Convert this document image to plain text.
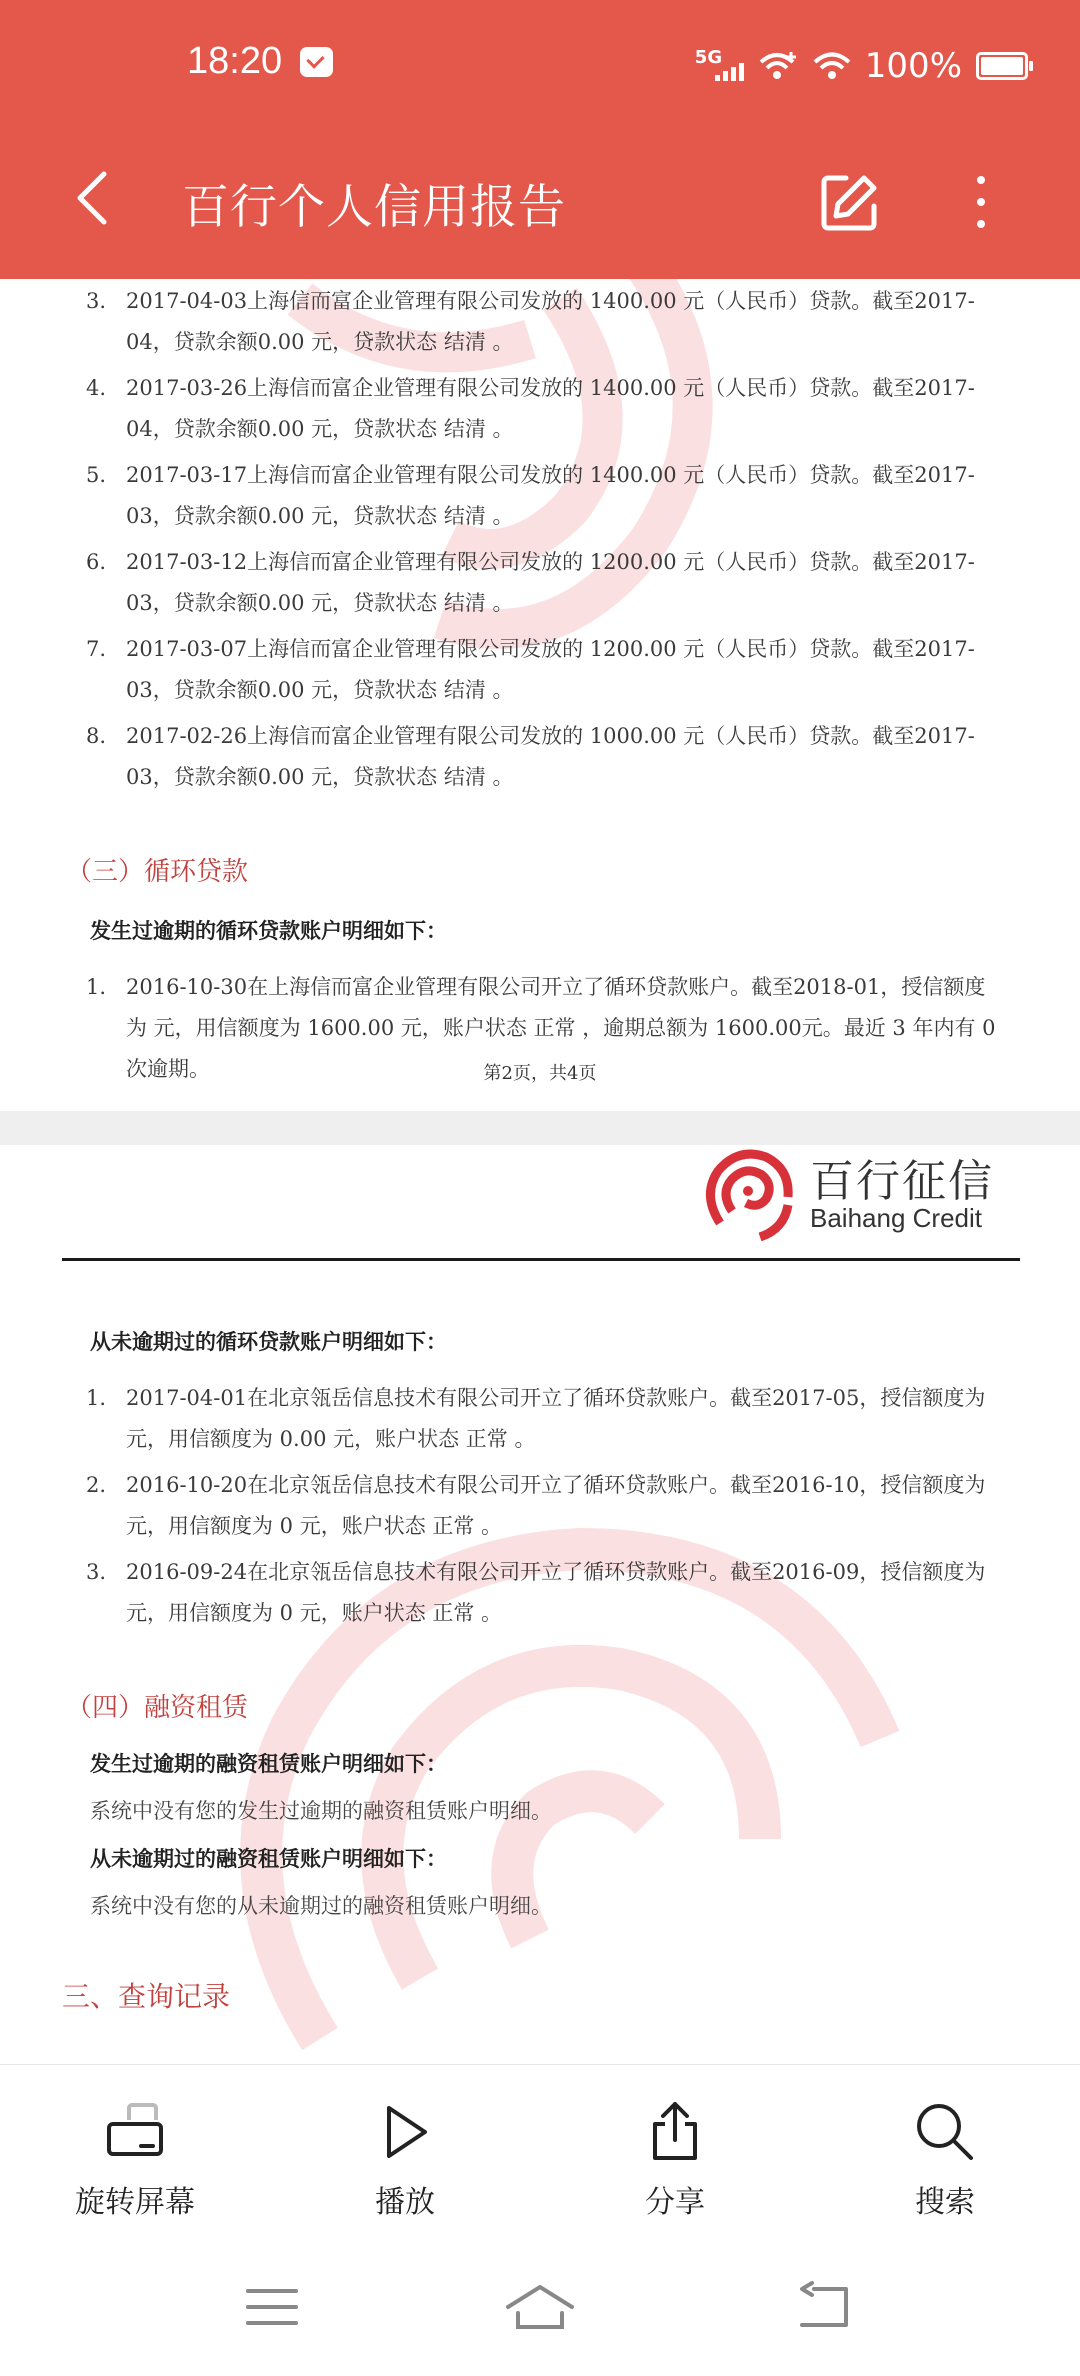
18:20	5G	100%
百行个人信用报告
3. 2017-04-03上海信而富企业管理有限公司发放的 1400.00 元（人民币）贷款。截至2017-04，贷款余额0.00 元，贷款状态 结清 。
4. 2017-03-26上海信而富企业管理有限公司发放的 1400.00 元（人民币）贷款。截至2017-04，贷款余额0.00 元，贷款状态 结清 。
5. 2017-03-17上海信而富企业管理有限公司发放的 1400.00 元（人民币）贷款。截至2017-03，贷款余额0.00 元，贷款状态 结清 。
6. 2017-03-12上海信而富企业管理有限公司发放的 1200.00 元（人民币）贷款。截至2017-03，贷款余额0.00 元，贷款状态 结清 。
7. 2017-03-07上海信而富企业管理有限公司发放的 1200.00 元（人民币）贷款。截至2017-03，贷款余额0.00 元，贷款状态 结清 。
8. 2017-02-26上海信而富企业管理有限公司发放的 1000.00 元（人民币）贷款。截至2017-03，贷款余额0.00 元，贷款状态 结清 。
（三）循环贷款
发生过逾期的循环贷款账户明细如下：
1. 2016-10-30在上海信而富企业管理有限公司开立了循环贷款账户。截至2018-01，授信额度为 元，用信额度为 1600.00 元，账户状态 正常 ，逾期总额为 1600.00元。最近 3 年内有 0 次逾期。	第2页，共4页
百行征信
Baihang Credit
从未逾期过的循环贷款账户明细如下：
1. 2017-04-01在北京瓴岳信息技术有限公司开立了循环贷款账户。截至2017-05，授信额度为 元，用信额度为 0.00 元，账户状态 正常 。
2. 2016-10-20在北京瓴岳信息技术有限公司开立了循环贷款账户。截至2016-10，授信额度为 元，用信额度为 0 元，账户状态 正常 。
3. 2016-09-24在北京瓴岳信息技术有限公司开立了循环贷款账户。截至2016-09，授信额度为 元，用信额度为 0 元，账户状态 正常 。
（四）融资租赁
发生过逾期的融资租赁账户明细如下：
系统中没有您的发生过逾期的融资租赁账户明细。
从未逾期过的融资租赁账户明细如下：
系统中没有您的从未逾期过的融资租赁账户明细。
三、查询记录
旋转屏幕	播放	分享	搜索
